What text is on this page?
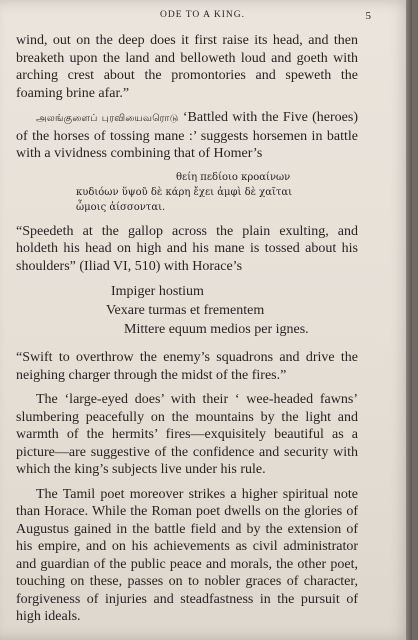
ODE TO A KING.	5

wind, out on the deep does it first raise its head, and then breaketh upon the land and belloweth loud and goeth with arching crest about the promontories and speweth the foaming brine afar.”

அலங்குளைப் புரவியைவரொடு ‘Battled with the Five (heroes) of the horses of tossing mane :’ suggests horsemen in battle with a vividness combining that of Homer’s

θείη πεδίοιο κροαίνων
κυδιόων ὕψοῦ δὲ κάρη ἔχει ἀμφὶ δὲ χαῖται
ὦμοις ἀίσσονται.

“Speedeth at the gallop across the plain exulting, and holdeth his head on high and his mane is tossed about his shoulders” (Iliad VI, 510) with Horace’s

Impiger hostium
Vexare turmas et frementem
Mittere equum medios per ignes.

“Swift to overthrow the enemy’s squadrons and drive the neighing charger through the midst of the fires.”

The ‘large-eyed does’ with their ‘ wee-headed fawns’ slumbering peacefully on the mountains by the light and warmth of the hermits’ fires—exquisitely beautiful as a picture—are suggestive of the confidence and security with which the king’s subjects live under his rule.

The Tamil poet moreover strikes a higher spiritual note than Horace. While the Roman poet dwells on the glories of Augustus gained in the battle field and by the extension of his empire, and on his achievements as civil administrator and guardian of the public peace and morals, the other poet, touching on these, passes on to nobler graces of character, forgiveness of injuries and steadfastness in the pursuit of high ideals.
